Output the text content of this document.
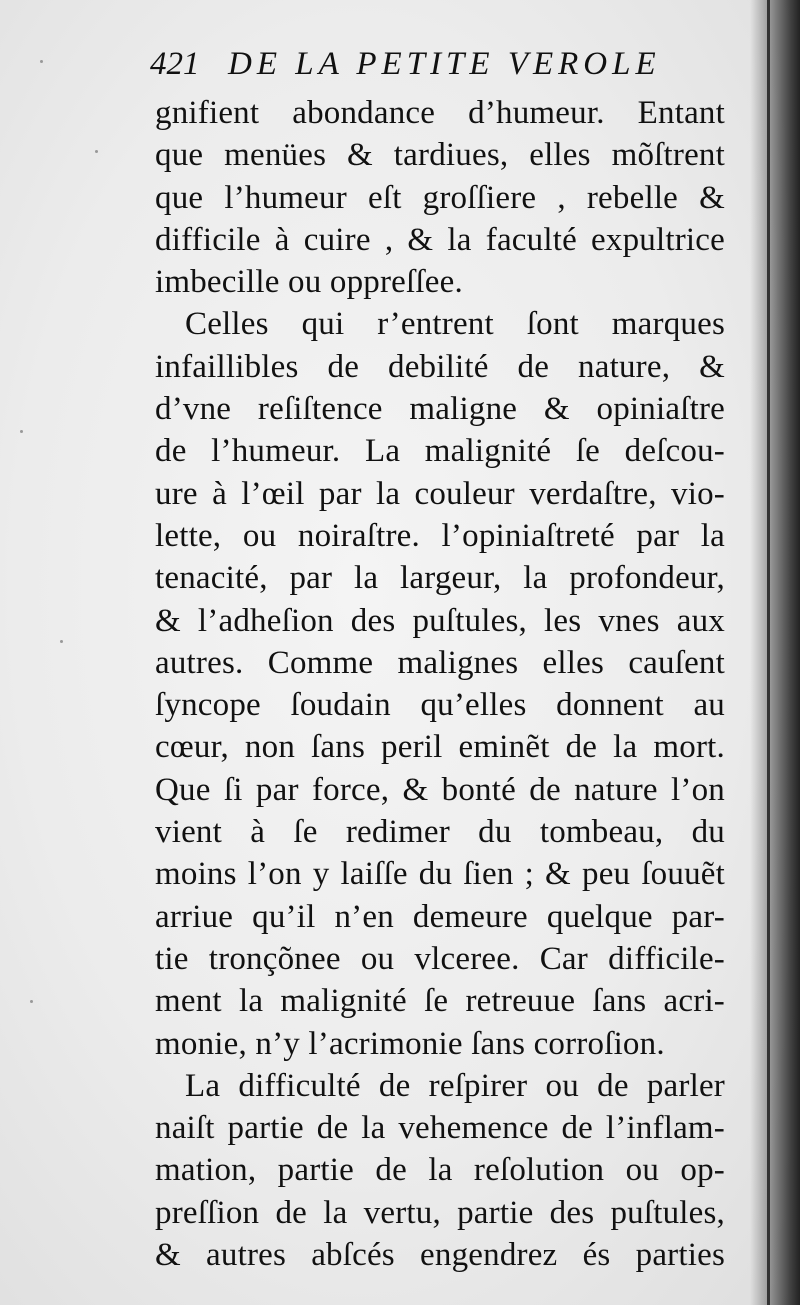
421 DE LA PETITE VEROLE
gnifient abondance d’humeur. Entant
que menües & tardiues, elles mõſtrent
que l’humeur eſt groſſiere , rebelle &
difficile à cuire , & la faculté expultrice
imbecille ou oppreſſee.
Celles qui r’entrent ſont marques
infaillibles de debilité de nature, &
d’vne reſiſtence maligne & opiniaſtre
de l’humeur. La malignité ſe deſcou-
ure à l’œil par la couleur verdaſtre, vio-
lette, ou noiraſtre. l’opiniaſtreté par la
tenacité, par la largeur, la profondeur,
& l’adheſion des puſtules, les vnes aux
autres. Comme malignes elles cauſent
ſyncope ſoudain qu’elles donnent au
cœur, non ſans peril eminẽt de la mort.
Que ſi par force, & bonté de nature l’on
vient à ſe redimer du tombeau, du
moins l’on y laiſſe du ſien ; & peu ſouuẽt
arriue qu’il n’en demeure quelque par-
tie tronçõnee ou vlceree. Car difficile-
ment la malignité ſe retreuue ſans acri-
monie, n’y l’acrimonie ſans corroſion.
La difficulté de reſpirer ou de parler
naiſt partie de la vehemence de l’inflam-
mation, partie de la reſolution ou op-
preſſion de la vertu, partie des puſtules,
& autres abſcés engendrez és parties
